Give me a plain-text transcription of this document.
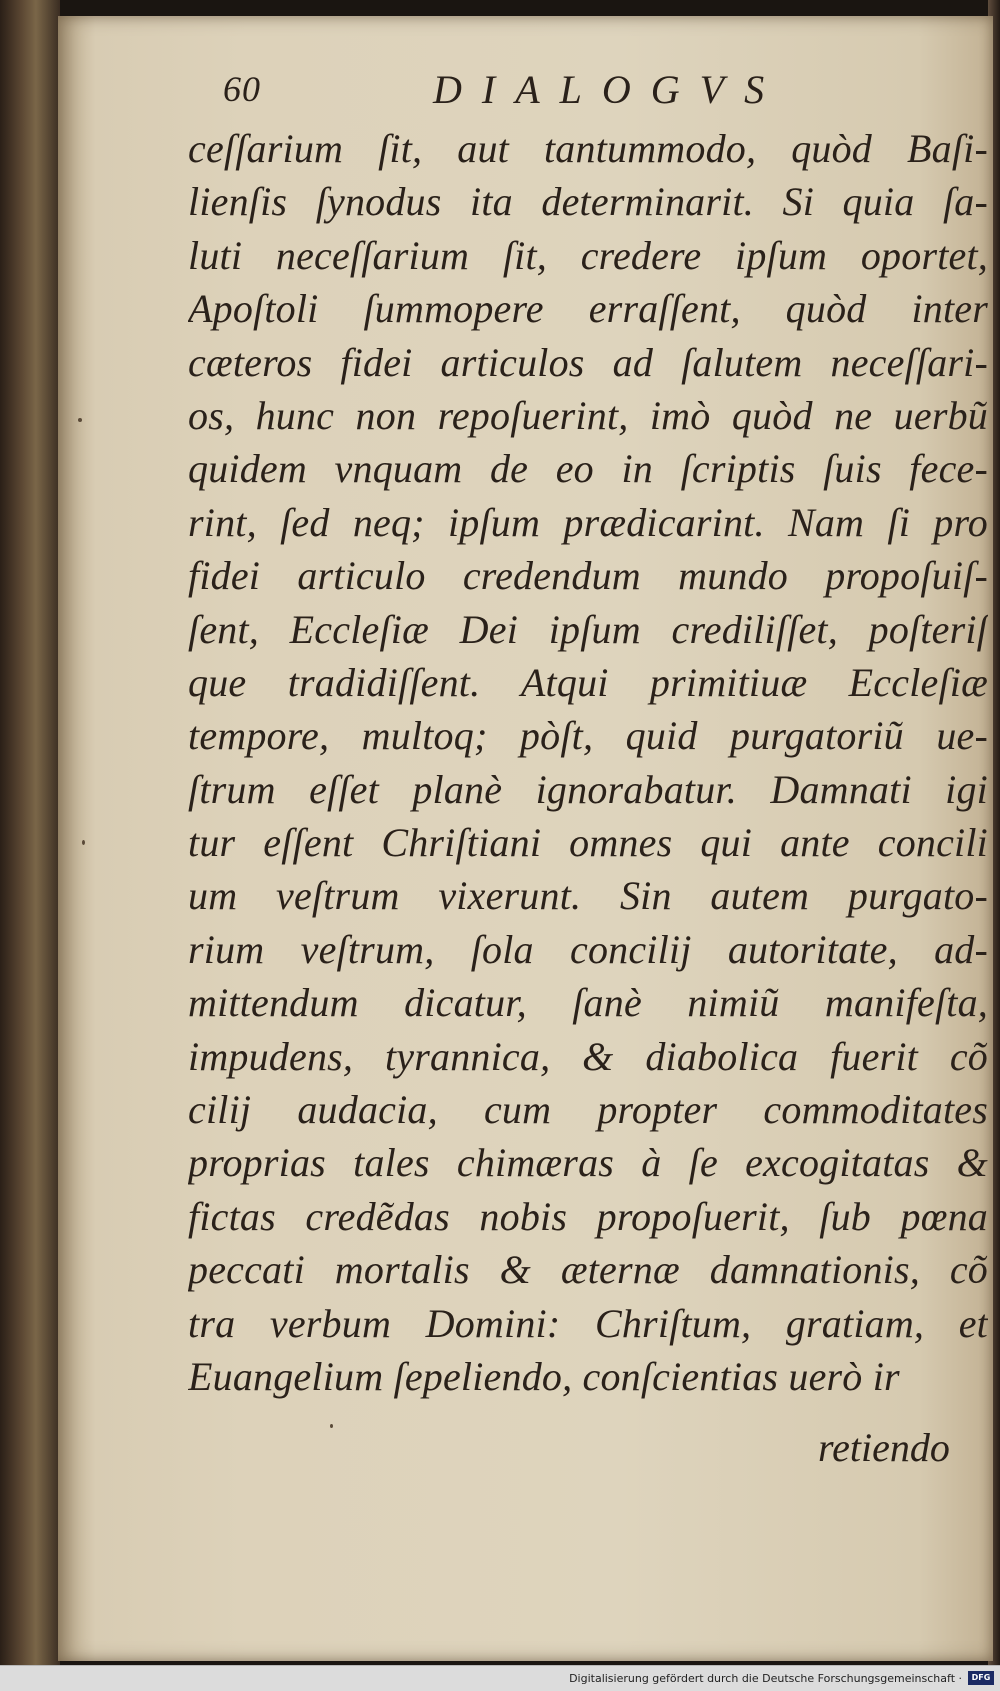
60	DIALOGVS
ceſſarium ſit, aut tantummodo, quòd Baſi-
lienſis ſynodus ita determinarit. Si quia ſa-
luti neceſſarium ſit, credere ipſum oportet,
Apoſtoli ſummopere erraſſent, quòd inter
cæteros fidei articulos ad ſalutem neceſſari-
os, hunc non repoſuerint, imò quòd ne uerbũ
quidem vnquam de eo in ſcriptis ſuis fece-
rint, ſed neq; ipſum prædicarint. Nam ſi pro
fidei articulo credendum mundo propoſuiſ-
ſent, Eccleſiæ Dei ipſum crediliſſet, poſteriſ
que tradidiſſent. Atqui primitiuæ Eccleſiæ
tempore, multoq; pòſt, quid purgatoriũ ue-
ſtrum eſſet planè ignorabatur. Damnati igi
tur eſſent Chriſtiani omnes qui ante concili
um veſtrum vixerunt. Sin autem purgato-
rium veſtrum, ſola concilij autoritate, ad-
mittendum dicatur, ſanè nimiũ manifeſta,
impudens, tyrannica, & diabolica fuerit cõ
cilij audacia, cum propter commoditates
proprias tales chimæras à ſe excogitatas &
fictas credẽdas nobis propoſuerit, ſub pœna
peccati mortalis & æternæ damnationis, cõ
tra verbum Domini: Chriſtum, gratiam, et
Euangelium ſepeliendo, conſcientias uerò ir
retiendo
Digitalisierung gefördert durch die Deutsche Forschungsgemeinschaft ·	DFG
